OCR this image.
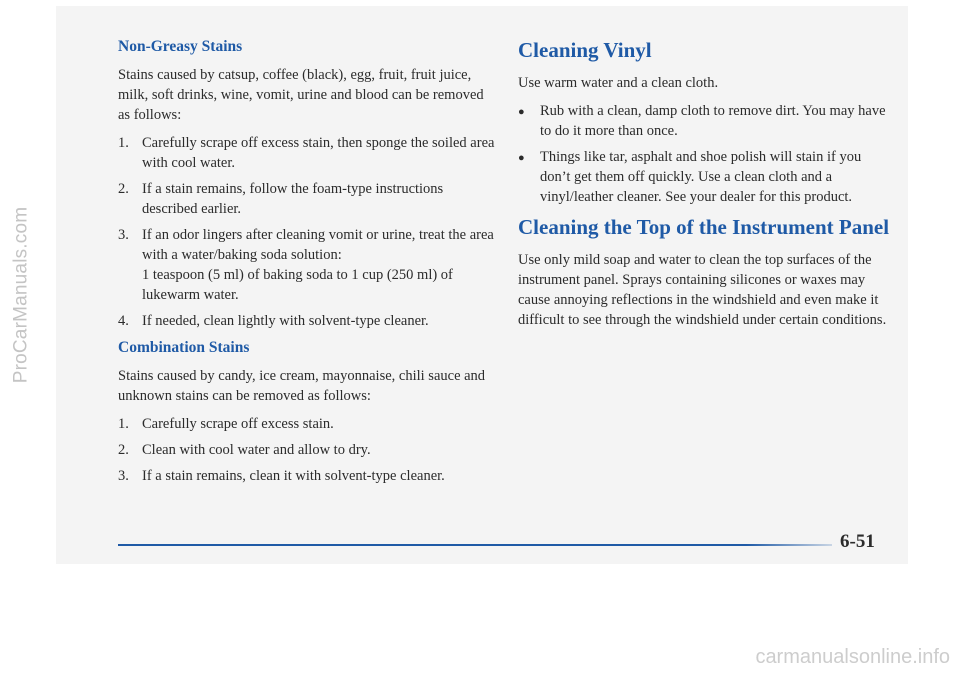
ProCarManuals.com
Non-Greasy Stains

Stains caused by catsup, coffee (black), egg, fruit, fruit juice, milk, soft drinks, wine, vomit, urine and blood can be removed as follows:

1. Carefully scrape off excess stain, then sponge the soiled area with cool water.
2. If a stain remains, follow the foam-type instructions described earlier.
3. If an odor lingers after cleaning vomit or urine, treat the area with a water/baking soda solution:
1 teaspoon (5 ml) of baking soda to 1 cup (250 ml) of lukewarm water.
4. If needed, clean lightly with solvent-type cleaner.
Combination Stains

Stains caused by candy, ice cream, mayonnaise, chili sauce and unknown stains can be removed as follows:

1. Carefully scrape off excess stain.
2. Clean with cool water and allow to dry.
3. If a stain remains, clean it with solvent-type cleaner.
Cleaning Vinyl

Use warm water and a clean cloth.

●	Rub with a clean, damp cloth to remove dirt. You may have to do it more than once.
●	Things like tar, asphalt and shoe polish will stain if you don’t get them off quickly. Use a clean cloth and a vinyl/leather cleaner. See your dealer for this product.
Cleaning the Top of the Instrument Panel

Use only mild soap and water to clean the top surfaces of the instrument panel. Sprays containing silicones or waxes may cause annoying reflections in the windshield and even make it difficult to see through the windshield under certain conditions.

6-51
carmanualsonline.info
